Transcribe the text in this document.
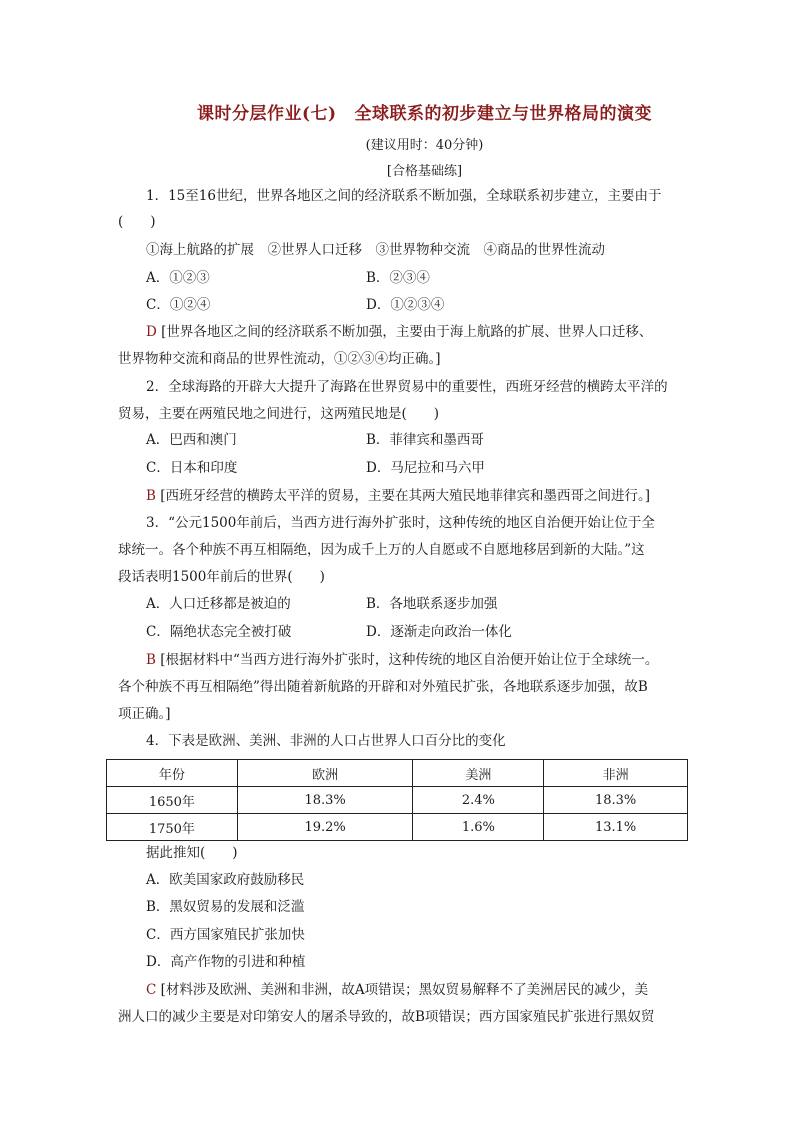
课时分层作业(七) 全球联系的初步建立与世界格局的演变
(建议用时：40分钟)
[合格基础练]
1．15至16世纪，世界各地区之间的经济联系不断加强，全球联系初步建立，主要由于
(　　)
①海上航路的扩展　②世界人口迁移　③世界物种交流　④商品的世界性流动
A．①②③	B．②③④
C．①②④	D．①②③④
D [世界各地区之间的经济联系不断加强，主要由于海上航路的扩展、世界人口迁移、
世界物种交流和商品的世界性流动，①②③④均正确。]
2．全球海路的开辟大大提升了海路在世界贸易中的重要性，西班牙经营的横跨太平洋的
贸易，主要在两殖民地之间进行，这两殖民地是(　　)
A．巴西和澳门	B．菲律宾和墨西哥
C．日本和印度	D．马尼拉和马六甲
B [西班牙经营的横跨太平洋的贸易，主要在其两大殖民地菲律宾和墨西哥之间进行。]
3．“公元1500年前后，当西方进行海外扩张时，这种传统的地区自治便开始让位于全
球统一。各个种族不再互相隔绝，因为成千上万的人自愿或不自愿地移居到新的大陆。”这
段话表明1500年前后的世界(　　)
A．人口迁移都是被迫的	B．各地联系逐步加强
C．隔绝状态完全被打破	D．逐渐走向政治一体化
B [根据材料中“当西方进行海外扩张时，这种传统的地区自治便开始让位于全球统一。
各个种族不再互相隔绝”得出随着新航路的开辟和对外殖民扩张，各地联系逐步加强，故B
项正确。]
4．下表是欧洲、美洲、非洲的人口占世界人口百分比的变化
年份	欧洲	美洲	非洲
1650年	18.3%	2.4%	18.3%
1750年	19.2%	1.6%	13.1%
据此推知(　　)
A．欧美国家政府鼓励移民
B．黑奴贸易的发展和泛滥
C．西方国家殖民扩张加快
D．高产作物的引进和种植
C [材料涉及欧洲、美洲和非洲，故A项错误；黑奴贸易解释不了美洲居民的减少，美
洲人口的减少主要是对印第安人的屠杀导致的，故B项错误；西方国家殖民扩张进行黑奴贸
